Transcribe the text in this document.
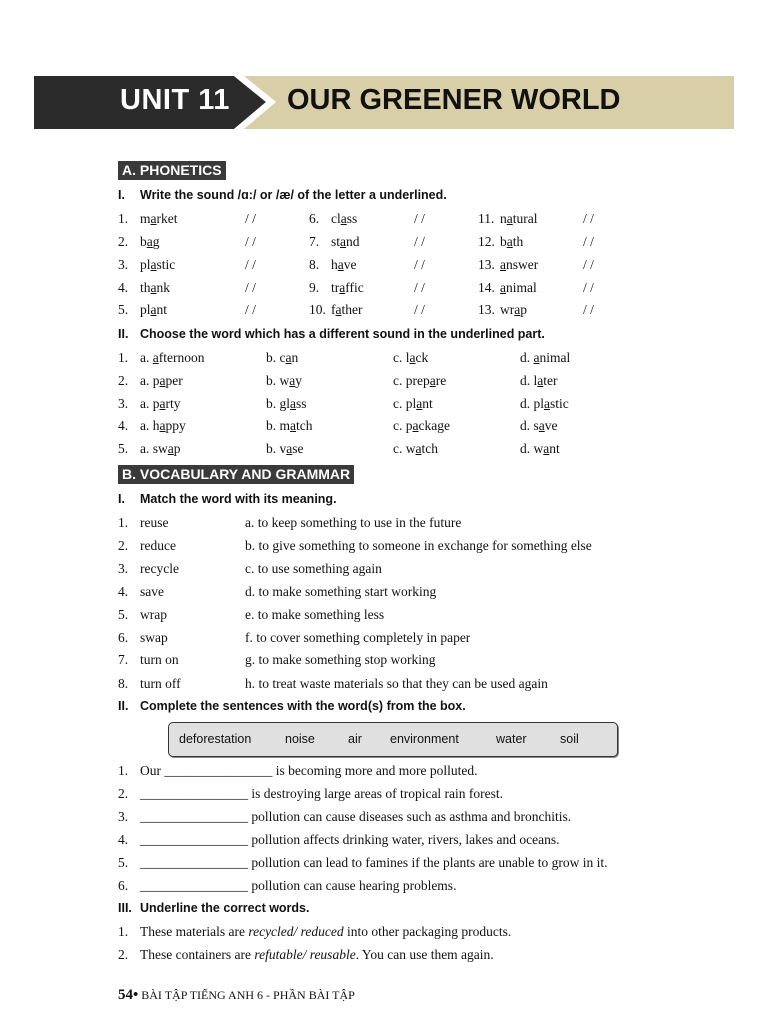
UNIT 11 OUR GREENER WORLD
A. PHONETICS
I. Write the sound /ɑ:/ or /æ/ of the letter a underlined.
1. market	/ /
2. bag	/ /
3. plastic	/ /
4. thank	/ /
5. plant	/ /
6. class	/ /
7. stand	/ /
8. have	/ /
9. traffic	/ /
10. father	/ /
11. natural	/ /
12. bath	/ /
13. answer	/ /
14. animal	/ /
13. wrap	/ /
II. Choose the word which has a different sound in the underlined part.
1. a. afternoon	b. can	c. lack	d. animal
2. a. paper	b. way	c. prepare	d. later
3. a. party	b. glass	c. plant	d. plastic
4. a. happy	b. match	c. package	d. save
5. a. swap	b. vase	c. watch	d. want
B. VOCABULARY AND GRAMMAR
I. Match the word with its meaning.
1. reuse	a. to keep something to use in the future
2. reduce	b. to give something to someone in exchange for something else
3. recycle	c. to use something again
4. save	d. to make something start working
5. wrap	e. to make something less
6. swap	f. to cover something completely in paper
7. turn on	g. to make something stop working
8. turn off	h. to treat waste materials so that they can be used again
II. Complete the sentences with the word(s) from the box.
deforestation	noise	air environment	water	soil
1. Our ________________ is becoming more and more polluted.
2. ________________ is destroying large areas of tropical rain forest.
3. ________________ pollution can cause diseases such as asthma and bronchitis.
4. ________________ pollution affects drinking water, rivers, lakes and oceans.
5. ________________ pollution can lead to famines if the plants are unable to grow in it.
6. ________________ pollution can cause hearing problems.
III. Underline the correct words.
1. These materials are recycled/ reduced into other packaging products.
2. These containers are refutable/ reusable. You can use them again.
54• BÀI TẬP TIẾNG ANH 6 - PHẦN BÀI TẬP
